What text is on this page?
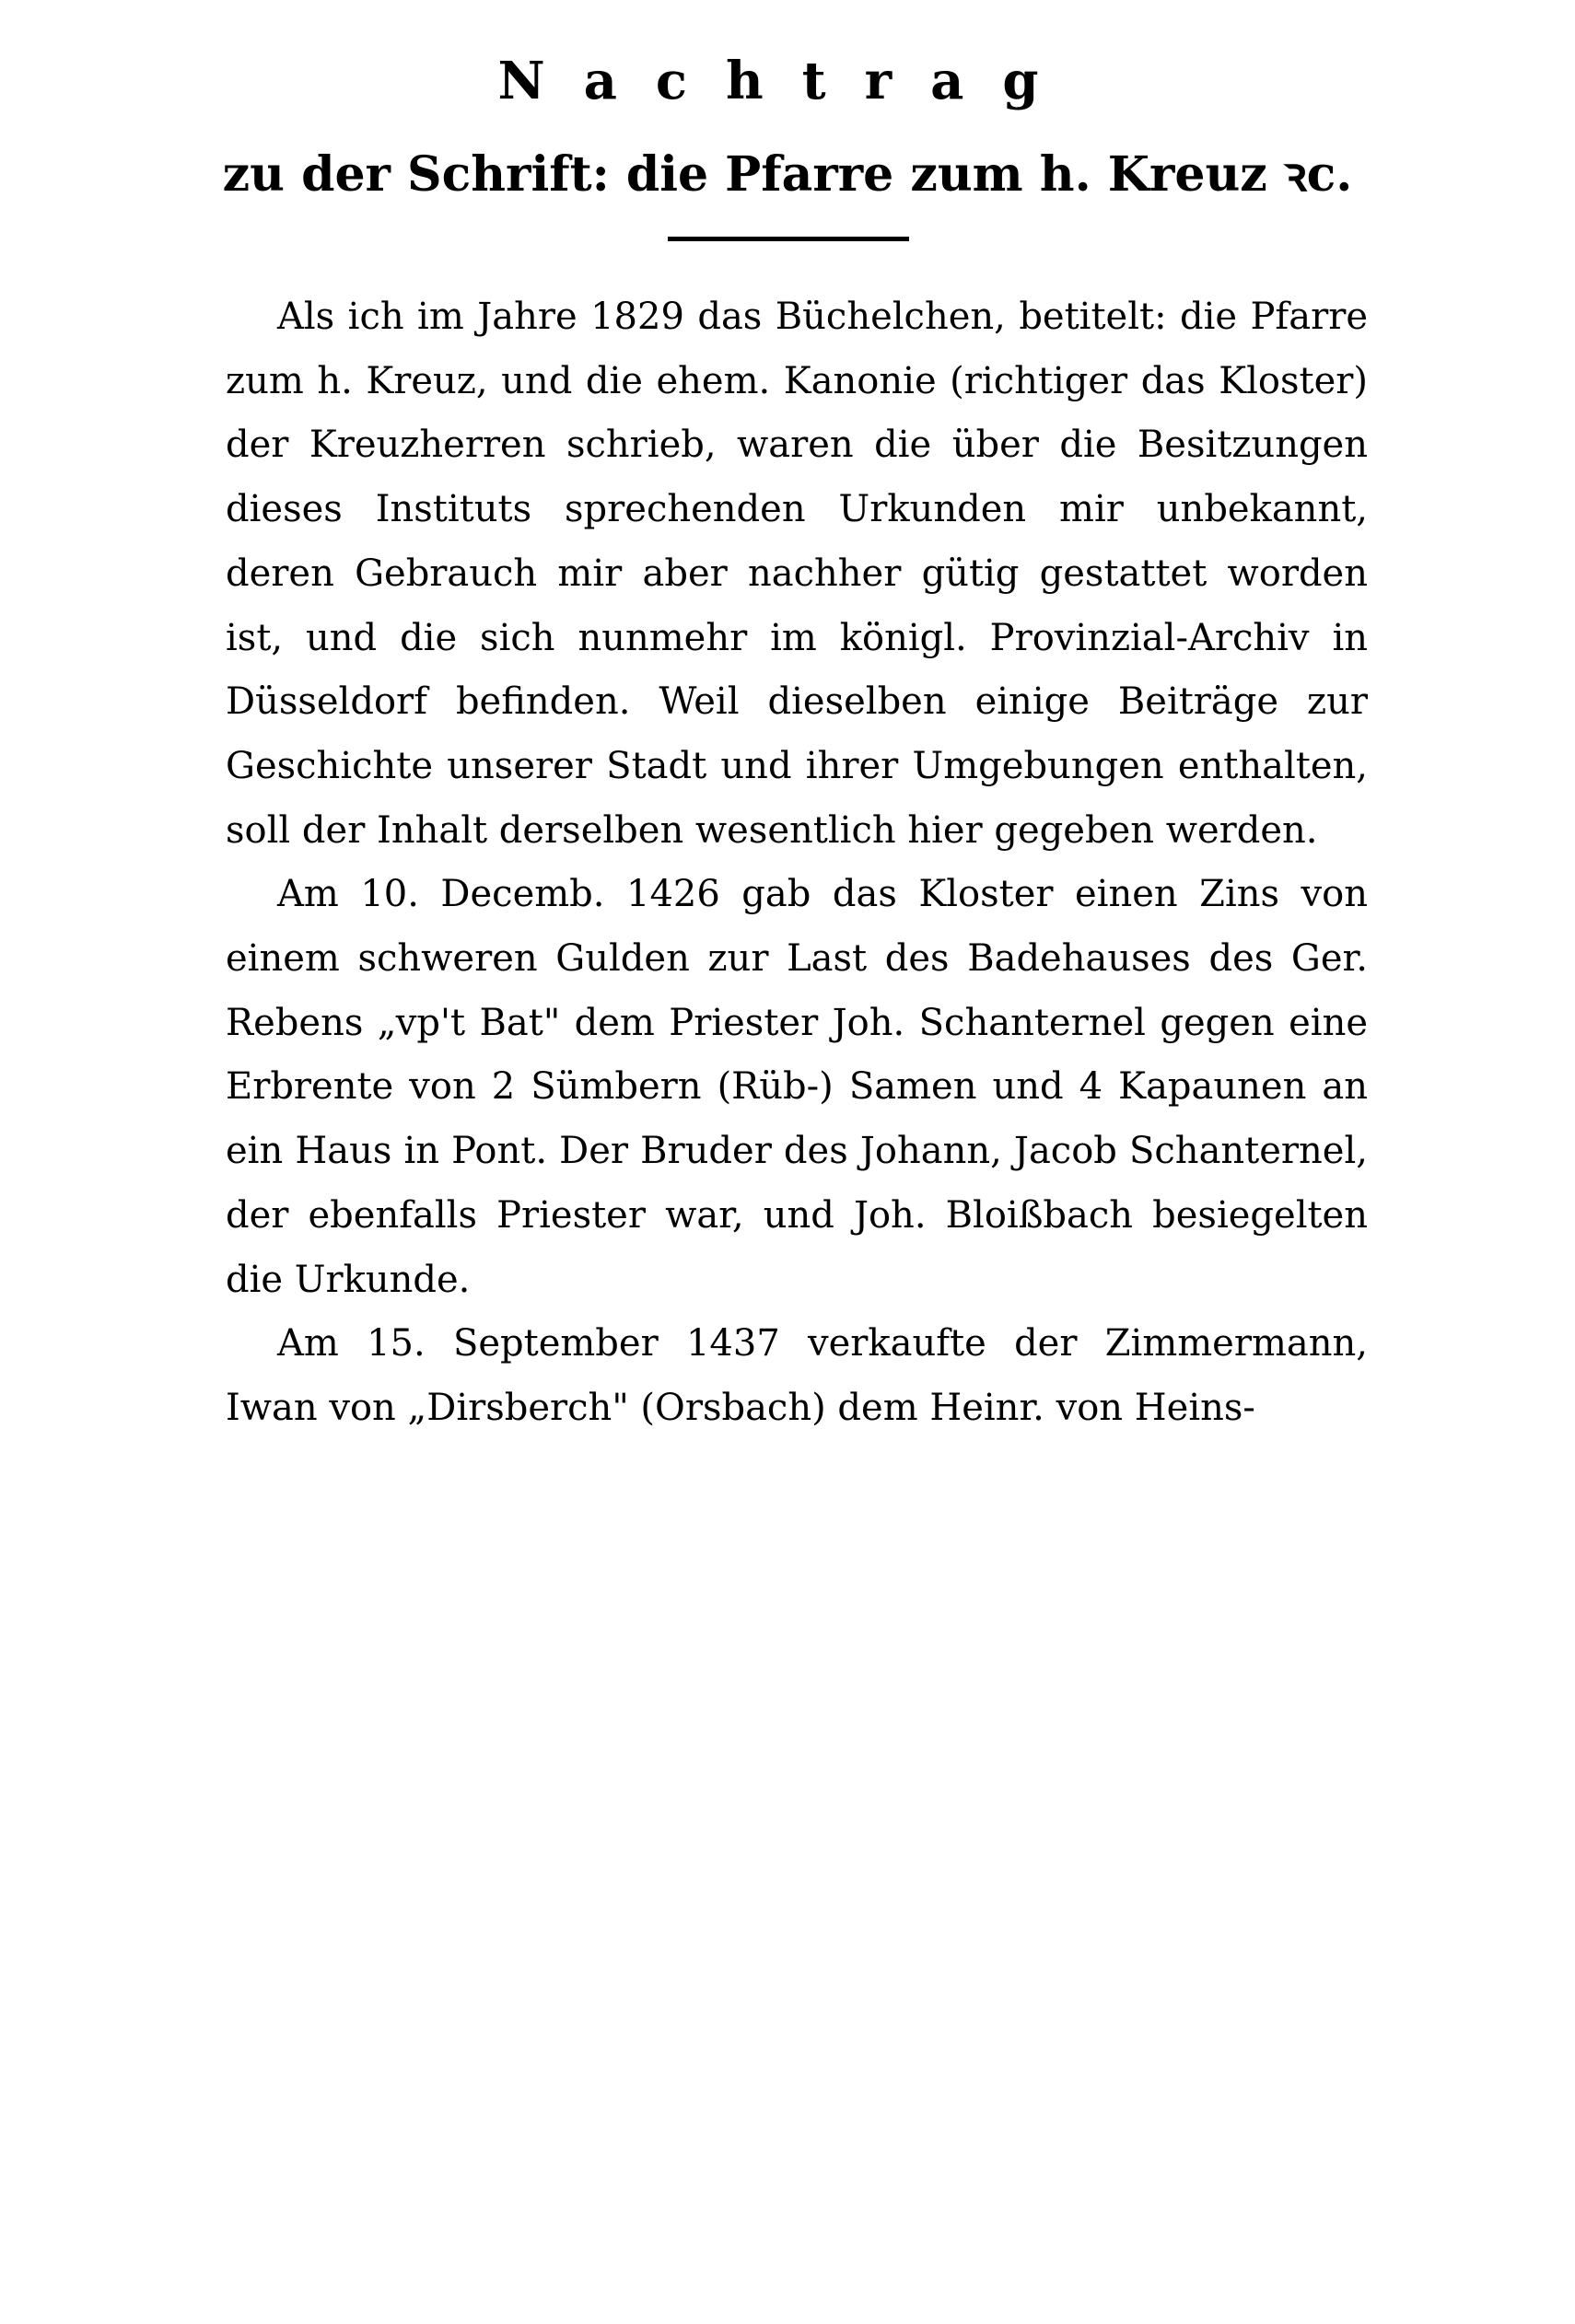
Nachtrag
zu der Schrift: die Pfarre zum h. Kreuz ꝛc.

Als ich im Jahre 1829 das Büchelchen, betitelt: die Pfarre zum h. Kreuz, und die ehem. Kanonie (richtiger das Kloster) der Kreuzherren schrieb, waren die über die Besitzungen dieses Instituts sprechenden Urkunden mir unbekannt, deren Gebrauch mir aber nachher gütig gestattet worden ist, und die sich nunmehr im königl. Provinzial-Archiv in Düsseldorf befinden. Weil dieselben einige Beiträge zur Geschichte unserer Stadt und ihrer Umgebungen enthalten, soll der Inhalt derselben wesentlich hier gegeben werden.

Am 10. Decemb. 1426 gab das Kloster einen Zins von einem schweren Gulden zur Last des Badehauses des Ger. Rebens „vp't Bat" dem Priester Joh. Schanternel gegen eine Erbrente von 2 Sümbern (Rüb-) Samen und 4 Kapaunen an ein Haus in Pont. Der Bruder des Johann, Jacob Schanternel, der ebenfalls Priester war, und Joh. Bloißbach besiegelten die Urkunde.

Am 15. September 1437 verkaufte der Zimmermann, Iwan von „Dirsberch" (Orsbach) dem Heinr. von Heins-
